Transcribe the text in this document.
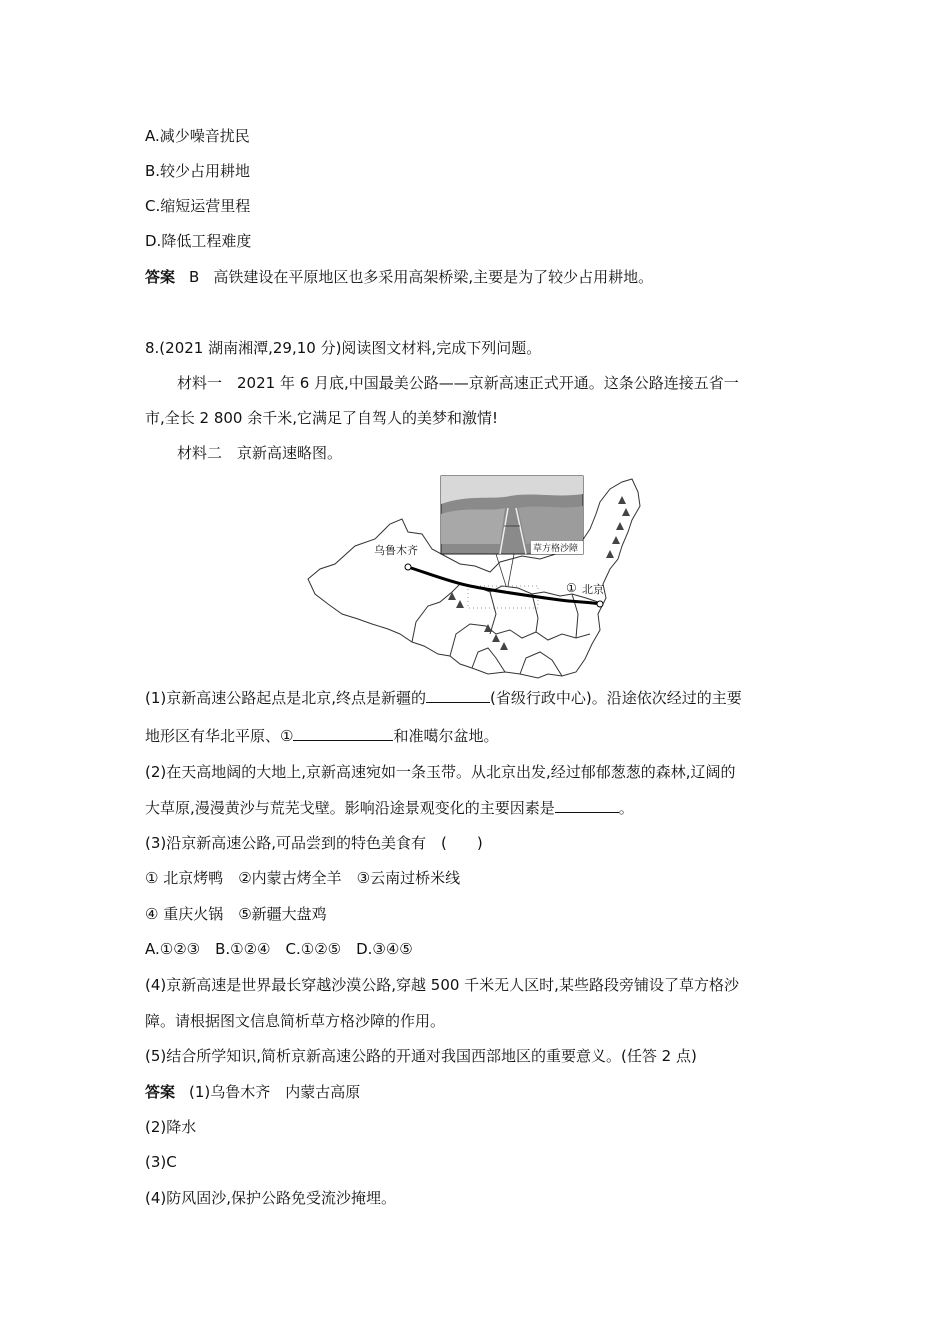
A.减少噪音扰民
B.较少占用耕地
C.缩短运营里程
D.降低工程难度
答案 B 高铁建设在平原地区也多采用高架桥梁,主要是为了较少占用耕地。
8.(2021 湖南湘潭,29,10 分)阅读图文材料,完成下列问题。
材料一　2021 年 6 月底,中国最美公路——京新高速正式开通。这条公路连接五省一
市,全长 2 800 余千米,它满足了自驾人的美梦和激情!
材料二　京新高速略图。
乌鲁木齐
① 北京
草方格沙障
(1)京新高速公路起点是北京,终点是新疆的	(省级行政中心)。沿途依次经过的主要
地形区有华北平原、①	和准噶尔盆地。
(2)在天高地阔的大地上,京新高速宛如一条玉带。从北京出发,经过郁郁葱葱的森林,辽阔的
大草原,漫漫黄沙与荒芜戈壁。影响沿途景观变化的主要因素是	。
(3)沿京新高速公路,可品尝到的特色美食有　(　　)
① 北京烤鸭　②内蒙古烤全羊　③云南过桥米线
④ 重庆火锅　⑤新疆大盘鸡
A.①②③　B.①②④　C.①②⑤　D.③④⑤
(4)京新高速是世界最长穿越沙漠公路,穿越 500 千米无人区时,某些路段旁铺设了草方格沙
障。请根据图文信息简析草方格沙障的作用。
(5)结合所学知识,简析京新高速公路的开通对我国西部地区的重要意义。(任答 2 点)
答案 (1)乌鲁木齐　内蒙古高原
(2)降水
(3)C
(4)防风固沙,保护公路免受流沙掩埋。
